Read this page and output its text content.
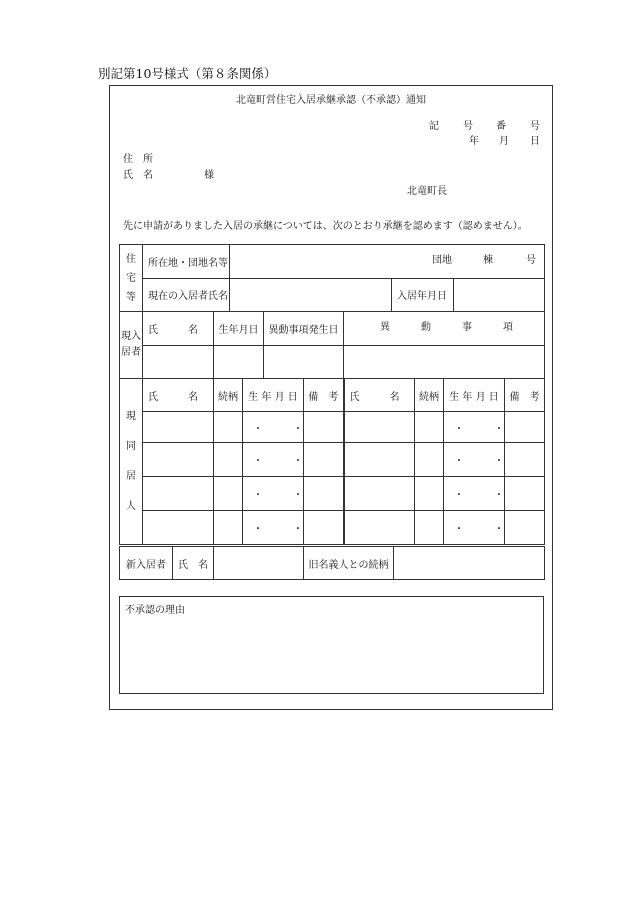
別記第10号様式（第８条関係）
北竜町営住宅入居承継承認（不承認）通知
記 号 番 号
年 月 日
住　所
氏　名	様
北竜町長
先に申請がありました入居の承継については、次のとおり承継を認めます（認めません）。
住
宅
等	所在地・団地名等	団地 棟 号		

	現在の入居者氏名		入居年月日	
現入
居者	氏　　　名	生年月日	異動事項発生日	異 動 事 項

現

同

居

人	氏　　　名	続柄	生 年 月 日	備　考	氏　　　名	続柄	生 年 月 日	備　考
			・　・				・　・	
			・　・				・　・	
			・　・				・　・	
			・　・				・　・	
新入居者	氏　名		旧名義人との続柄	
不承認の理由
